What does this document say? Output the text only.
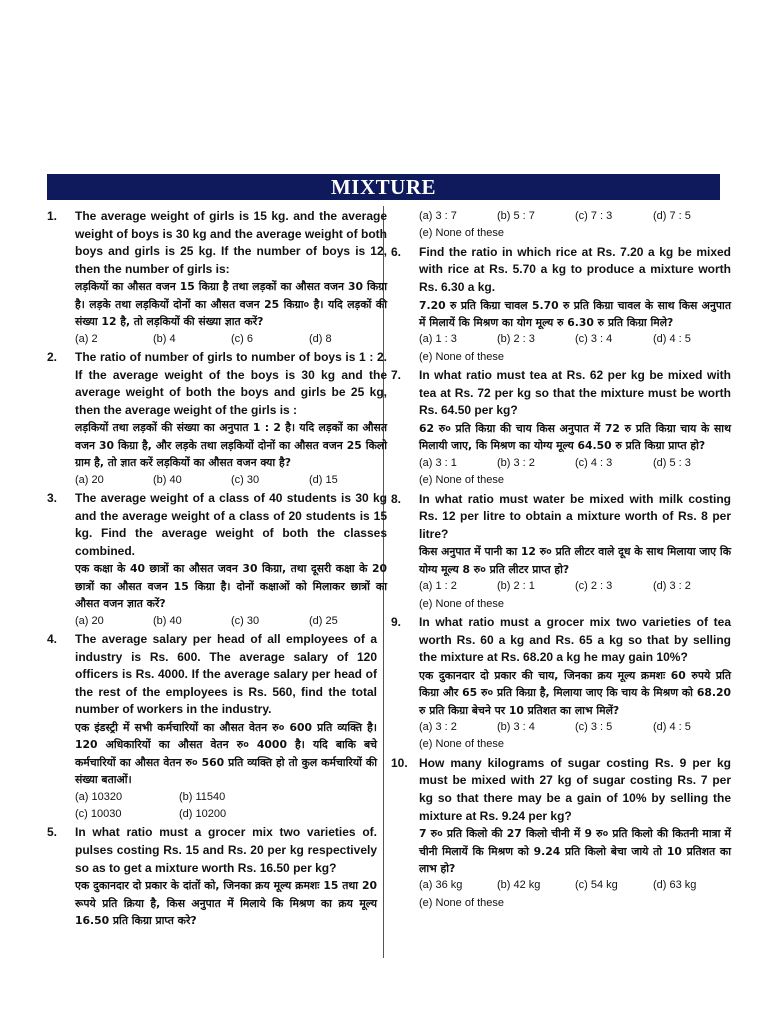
MIXTURE
1.	The average weight of girls is 15 kg. and the average weight of boys is 30 kg and the average weight of both boys and girls is 25 kg. If the number of boys is 12, then the number of girls is:
लड़कियों का औसत वजन 15 किग्रा है तथा लड़कों का औसत वजन 30 किग्रा है। लड़के तथा लड़कियों दोनों का औसत वजन 25 किग्रा० है। यदि लड़कों की संख्या 12 है, तो लड़कियों की संख्या ज्ञात करें?
(a) 2	(b) 4	(c) 6	(d) 8
2.	The ratio of number of girls to number of boys is 1 : 2. If the average weight of the boys is 30 kg and the average weight of both the boys and girls be 25 kg, then the average weight of the girls is :
लड़कियों तथा लड़कों की संख्या का अनुपात 1 : 2 है। यदि लड़कों का औसत वजन 30 किग्रा है, और लड़के तथा लड़कियों दोनों का औसत वजन 25 किलो ग्राम है, तो ज्ञात करें लड़कियों का औसत वजन क्या है?
(a) 20	(b) 40	(c) 30	(d) 15
3.	The average weight of a class of 40 students is 30 kg and the average weight of a class of 20 students is 15 kg. Find the average weight of both the classes combined.
एक कक्षा के 40 छात्रों का औसत जवन 30 किग्रा, तथा दूसरी कक्षा के 20 छात्रों का औसत वजन 15 किग्रा है। दोनों कक्षाओं को मिलाकर छात्रों का औसत वजन ज्ञात करें?
(a) 20	(b) 40	(c) 30	(d) 25
4.	The average salary per head of all employees of a industry is Rs. 600. The average salary of 120 officers is Rs. 4000. If the average salary per head of the rest of the employees is Rs. 560, find the total number of workers in the industry.
एक इंडस्ट्री में सभी कर्मचारियों का औसत वेतन रु० 600 प्रति व्यक्ति है। 120 अधिकारियों का औसत वेतन रु० 4000 है। यदि बाकि बचे कर्मचारियों का औसत वेतन रु० 560 प्रति व्यक्ति हो तो कुल कर्मचारियों की संख्या बताओं।
(a) 10320	(b) 11540
(c) 10030	(d) 10200
5.	In what ratio must a grocer mix two varieties of. pulses costing Rs. 15 and Rs. 20 per kg respectively so as to get a mixture worth Rs. 16.50 per kg?
एक दुकानदार दो प्रकार के दांतों को, जिनका क्रय मूल्य क्रमशः 15 तथा 20 रूपये प्रति क्रिया है, किस अनुपात में मिलाये कि मिश्रण का क्रय मूल्य 16.50 प्रति किग्रा प्राप्त करे?
(a) 3 : 7	(b) 5 : 7	(c) 7 : 3	(d) 7 : 5
(e) None of these
6.	Find the ratio in which rice at Rs. 7.20 a kg be mixed with rice at Rs. 5.70 a kg to produce a mixture worth Rs. 6.30 a kg.
7.20 रु प्रति किग्रा चावल 5.70 रु प्रति किग्रा चावल के साथ किस अनुपात में मिलायें कि मिश्रण का योग मूल्य रु 6.30 रु प्रति किग्रा मिले?
(a) 1 : 3	(b) 2 : 3	(c) 3 : 4	(d) 4 : 5
(e) None of these
7.	In what ratio must tea at Rs. 62 per kg be mixed with tea at Rs. 72 per kg so that the mixture must be worth Rs. 64.50 per kg?
62 रु० प्रति किग्रा की चाय किस अनुपात में 72 रु प्रति किग्रा चाय के साथ मिलायी जाए, कि मिश्रण का योग्य मूल्य 64.50 रु प्रति किग्रा प्राप्त हो?
(a) 3 : 1	(b) 3 : 2	(c) 4 : 3	(d) 5 : 3
(e) None of these
8.	In what ratio must water be mixed with milk costing Rs. 12 per litre to obtain a mixture worth of Rs. 8 per litre?
किस अनुपात में पानी का 12 रु० प्रति लीटर वाले दूध के साथ मिलाया जाए कि योग्य मूल्य 8 रु० प्रति लीटर प्राप्त हो?
(a) 1 : 2	(b) 2 : 1	(c) 2 : 3	(d) 3 : 2
(e) None of these
9.	In what ratio must a grocer mix two varieties of tea worth Rs. 60 a kg and Rs. 65 a kg so that by selling the mixture at Rs. 68.20 a kg he may gain 10%?
एक दुकानदार दो प्रकार की चाय, जिनका क्रय मूल्य क्रमशः 60 रुपये प्रति किग्रा और 65 रु० प्रति किग्रा है, मिलाया जाए कि चाय के मिश्रण को 68.20 रु प्रति किग्रा बेचने पर 10 प्रतिशत का लाभ मिलें?
(a) 3 : 2	(b) 3 : 4	(c) 3 : 5	(d) 4 : 5
(e) None of these
10. How many kilograms of sugar costing Rs. 9 per kg must be mixed with 27 kg of sugar costing Rs. 7 per kg so that there may be a gain of 10% by selling the mixture at Rs. 9.24 per kg?
7 रु० प्रति किलो की 27 किलो चीनी में 9 रु० प्रति किलो की कितनी मात्रा में चीनी मिलायें कि मिश्रण को 9.24 प्रति किलो बेचा जाये तो 10 प्रतिशत का लाभ हो?
(a) 36 kg	(b) 42 kg	(c) 54 kg	(d) 63 kg
(e) None of these
